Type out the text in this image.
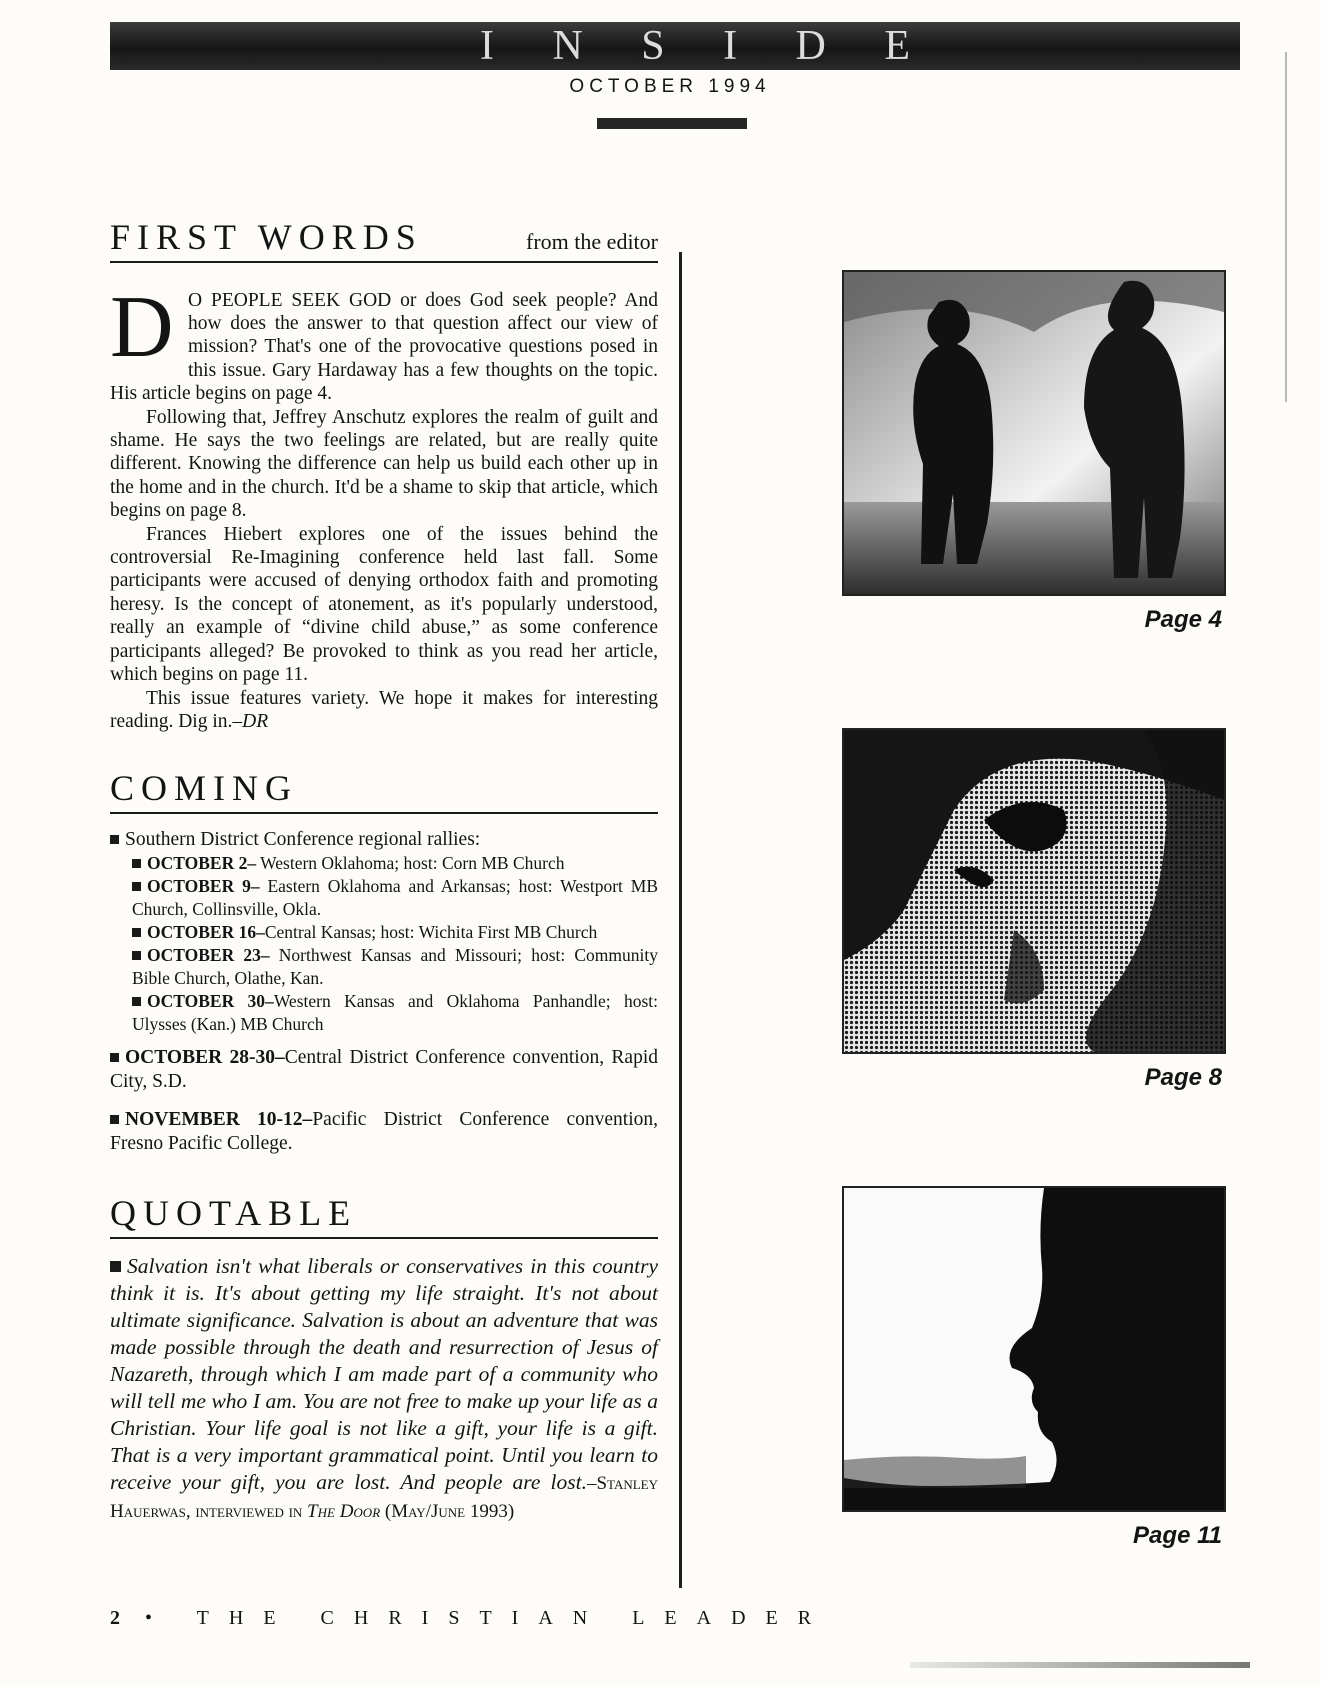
I N S I D E
OCTOBER 1994
FIRST WORDS	from the editor

D O PEOPLE SEEK GOD or does God seek people? And how does the answer to that question affect our view of mission? That's one of the provocative questions posed in this issue. Gary Hardaway has a few thoughts on the topic. His article begins on page 4.

Following that, Jeffrey Anschutz explores the realm of guilt and shame. He says the two feelings are related, but are really quite different. Knowing the difference can help us build each other up in the home and in the church. It'd be a shame to skip that article, which begins on page 8.

Frances Hiebert explores one of the issues behind the controversial Re-Imagining conference held last fall. Some participants were accused of denying orthodox faith and promoting heresy. Is the concept of atonement, as it's popularly understood, really an example of “divine child abuse,” as some conference participants alleged? Be provoked to think as you read her article, which begins on page 11.

This issue features variety. We hope it makes for interesting reading. Dig in.–DR

COMING
Southern District Conference regional rallies:

OCTOBER 2– Western Oklahoma; host: Corn MB Church

OCTOBER 9– Eastern Oklahoma and Arkansas; host: Westport MB Church, Collinsville, Okla.

OCTOBER 16–Central Kansas; host: Wichita First MB Church

OCTOBER 23– Northwest Kansas and Missouri; host: Community Bible Church, Olathe, Kan.

OCTOBER 30–Western Kansas and Oklahoma Panhandle; host: Ulysses (Kan.) MB Church

OCTOBER 28-30–Central District Conference convention, Rapid City, S.D.
NOVEMBER 10-12–Pacific District Conference convention, Fresno Pacific College.
QUOTABLE
Salvation isn't what liberals or conservatives in this country think it is. It's about getting my life straight. It's not about ultimate significance. Salvation is about an adventure that was made possible through the death and resurrection of Jesus of Nazareth, through which I am made part of a community who will tell me who I am. You are not free to make up your life as a Christian. Your life goal is not like a gift, your life is a gift. That is a very important grammatical point. Until you learn to receive your gift, you are lost. And people are lost.–Stanley Hauerwas, interviewed in The Door (May/June 1993)
2 • THE CHRISTIAN LEADER
Page 4
Page 8
Page 11
